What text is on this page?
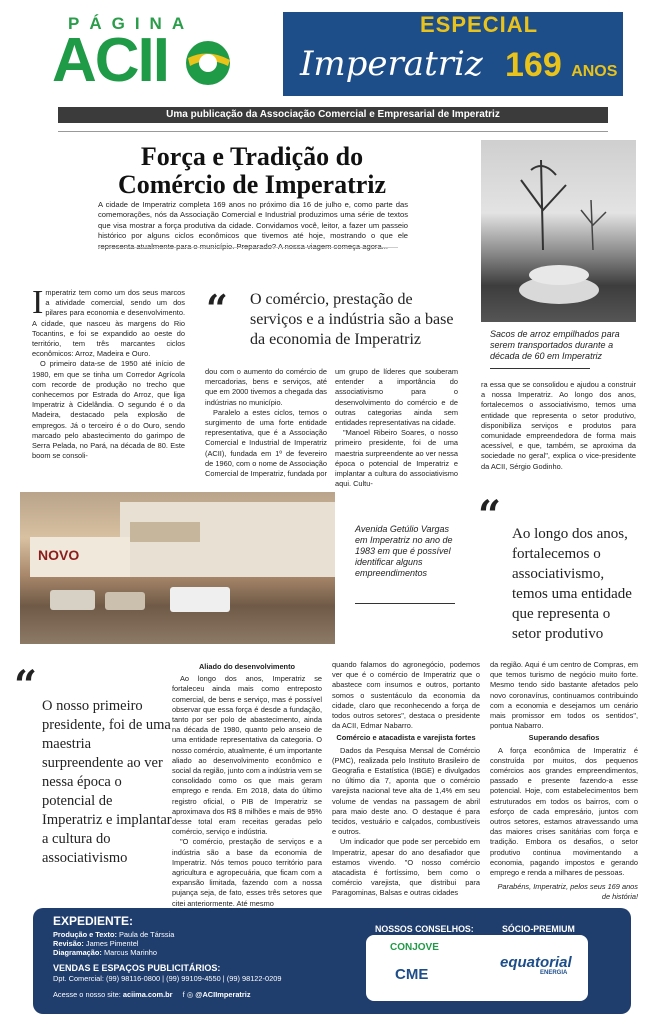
PÁGINA
ACII
ESPECIAL
Imperatriz 169 ANOS
Uma publicação da Associação Comercial e Empresarial de Imperatriz
Força e Tradição do Comércio de Imperatriz
A cidade de Imperatriz completa 169 anos no próximo dia 16 de julho e, como parte das comemorações, nós da Associação Comercial e Industrial produzimos uma série de textos que visa mostrar a força produtiva da cidade. Convidamos você, leitor, a fazer um passeio histórico por alguns ciclos econômicos que tivemos até hoje, mostrando o que ele
Sacos de arroz empilhados para serem transportados durante a década de 60 em Imperatriz
“ O comércio, prestação de serviços e a indústria são a base da economia de Imperatriz

Imperatriz tem como um dos seus marcos a atividade comercial, sendo um dos pilares para economia e desenvolvimento. A cidade, que nasceu às margens do Rio Tocantins, e foi se expandido ao oeste do território, tem três marcantes ciclos econômicos: Arroz, Madeira e Ouro.

O primeiro data-se de 1950 até início de 1980, em que se tinha um Corredor Agrícola com recorde de produção no trecho que conhecemos por Estrada do Arroz, que liga Imperatriz à Cidelândia. O segundo é o da Madeira, destacado pela explosão de empregos. Já o terceiro é o do Ouro, sendo marcado pelo abastecimento do garimpo de Serra Pelada, no Pará, na década de 80. Este boom se consoli-

dou com o aumento do comércio de mercadorias, bens e serviços, até que em 2000 tivemos a chegada das indústrias no município.

Paralelo a estes ciclos, temos o surgimento de uma forte entidade representativa, que é a Associação Comercial e Industrial de Imperatriz (ACII), fundada em 1º de fevereiro de 1960, com o nome de Associação Comercial de Imperatriz, fundada por

um grupo de líderes que souberam entender a importância do associativismo para o desenvolvimento do comércio e de outras categorias ainda sem entidades representativas na cidade.

"Manoel Ribeiro Soares, o nosso primeiro presidente, foi de uma maestria surpreendente ao ver nessa época o potencial de Imperatriz e implantar a cultura do associativismo aqui. Cultu-

ra essa que se consolidou e ajudou a construir a nossa Imperatriz. Ao longo dos anos, fortalecemos o associativismo, temos uma entidade que representa o setor produtivo, disponibiliza serviços e produtos para comunidade empreendedora de forma mais acessível, e que, também, se aproxima da sociedade no geral", explica o vice-presidente da ACII, Sérgio Godinho.

NOVO
Avenida Getúlio Vargas em Imperatriz no ano de 1983 em que é possível identificar alguns empreendimentos
“ Ao longo dos anos, fortalecemos o associativismo, temos uma entidade que representa o setor produtivo
“ O nosso primeiro presidente, foi de uma maestria surpreendente ao ver nessa época o potencial de Imperatriz e implantar a cultura do associativismo

Aliado do desenvolvimento

Ao longo dos anos, Imperatriz se fortaleceu ainda mais como entreposto comercial, de bens e serviço, mas é possível observar que essa força é desde a fundação, tanto por ser polo de abastecimento, ainda na década de 1980, quanto pelo anseio de uma entidade representativa da categoria. O nosso comércio, atualmente, é um importante aliado ao desenvolvimento econômico e social da região, junto com a indústria vem se consolidado como os que mais geram emprego e renda. Em 2018, data do último registro oficial, o PIB de Imperatriz se aproximava dos R$ 8 milhões e mais de 95% desse total eram receitas geradas pelo comércio, serviço e indústria.

"O comércio, prestação de serviços e a indústria são a base da economia de Imperatriz. Nós temos pouco território para agricultura e agropecuária, que ficam com a expansão limitada, fazendo com a nossa pujança seja, de fato, esses três setores que citei anteriormente. Até mesmo

quando falamos do agronegócio, podemos ver que é o comércio de Imperatriz que o abastece com insumos e outros, portanto somos o sustentáculo da economia da cidade, claro que reconhecendo a força de todos outros setores", destaca o presidente da ACII, Edmar Nabarro.

Comércio e atacadista e varejista fortes

Dados da Pesquisa Mensal de Comércio (PMC), realizada pelo Instituto Brasileiro de Geografia e Estatística (IBGE) e divulgados no último dia 7, aponta que o comércio varejista nacional teve alta de 1,4% em seu volume de vendas na passagem de abril para maio deste ano. O destaque é para tecidos, vestuário e calçados, combustíveis e outros.

Um indicador que pode ser percebido em Imperatriz, apesar do ano desafiador que estamos vivendo. "O nosso comércio atacadista é fortíssimo, bem como o comércio varejista, que distribui para Paragominas, Balsas e outras cidades

da região. Aqui é um centro de Compras, em que temos turismo de negócio muito forte. Mesmo tendo sido bastante afetados pelo novo coronavírus, continuamos contribuindo com a economia e desejamos um cenário mais promissor em todos os sentidos", pontua Nabarro.

Superando desafios

A força econômica de Imperatriz é construída por muitos, dos pequenos comércios aos grandes empreendimentos, passado e presente fazendo-a esse potencial. Hoje, com estabelecimentos bem estruturados em todos os bairros, com o esforço de cada empresário, juntos com outros setores, estamos atravessando uma das maiores crises sanitárias com força e tradição. Embora os desafios, o setor produtivo continua movimentando a economia, pagando impostos e gerando emprego e renda a milhares de pessoas.

Parabéns, Imperatriz, pelos seus 169 anos de história!

EXPEDIENTE:
Produção e Texto: Paula de Társsia
Revisão: James Pimentel
Diagramação: Marcus Marinho
VENDAS E ESPAÇOS PUBLICITÁRIOS:
Dpt. Comercial: (99) 98116-0800 | (99) 99109-4550 | (99) 98122-0209
Acesse o nosso site: aciima.com.br f ◎ @ACIImperatriz
NOSSOS CONSELHOS:	SÓCIO-PREMIUM
CONJOVE
CME
equatorial
ENERGIA
